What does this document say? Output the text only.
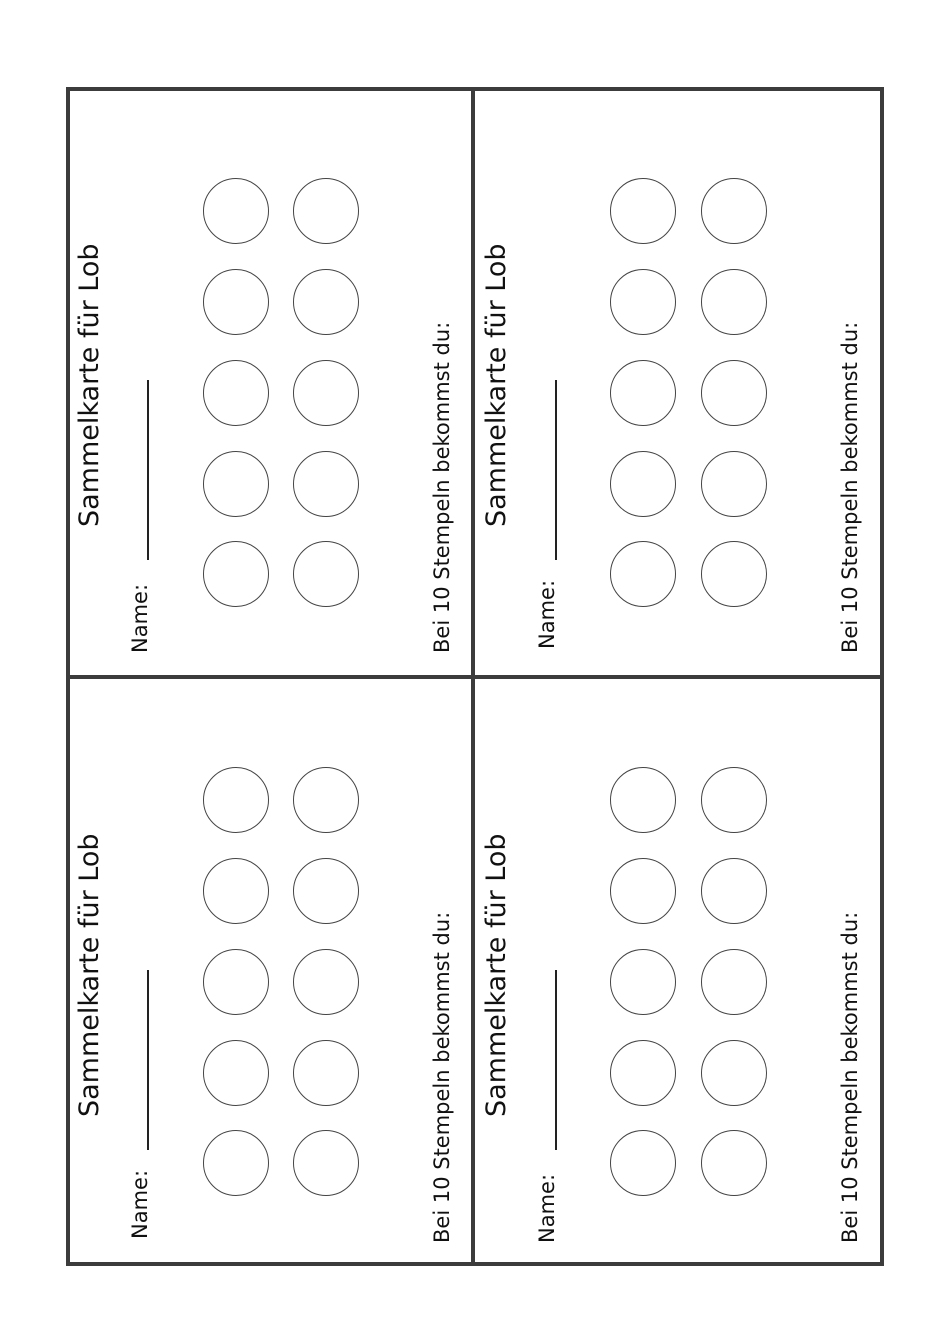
Sammelkarte für Lob
Name:	Bei 10 Stempeln bekommst du: Sammelkarte für Lob
Name:	Bei 10 Stempeln bekommst du:
Sammelkarte für Lob
Name:	Bei 10 Stempeln bekommst du: Sammelkarte für Lob
Name:	Bei 10 Stempeln bekommst du:
